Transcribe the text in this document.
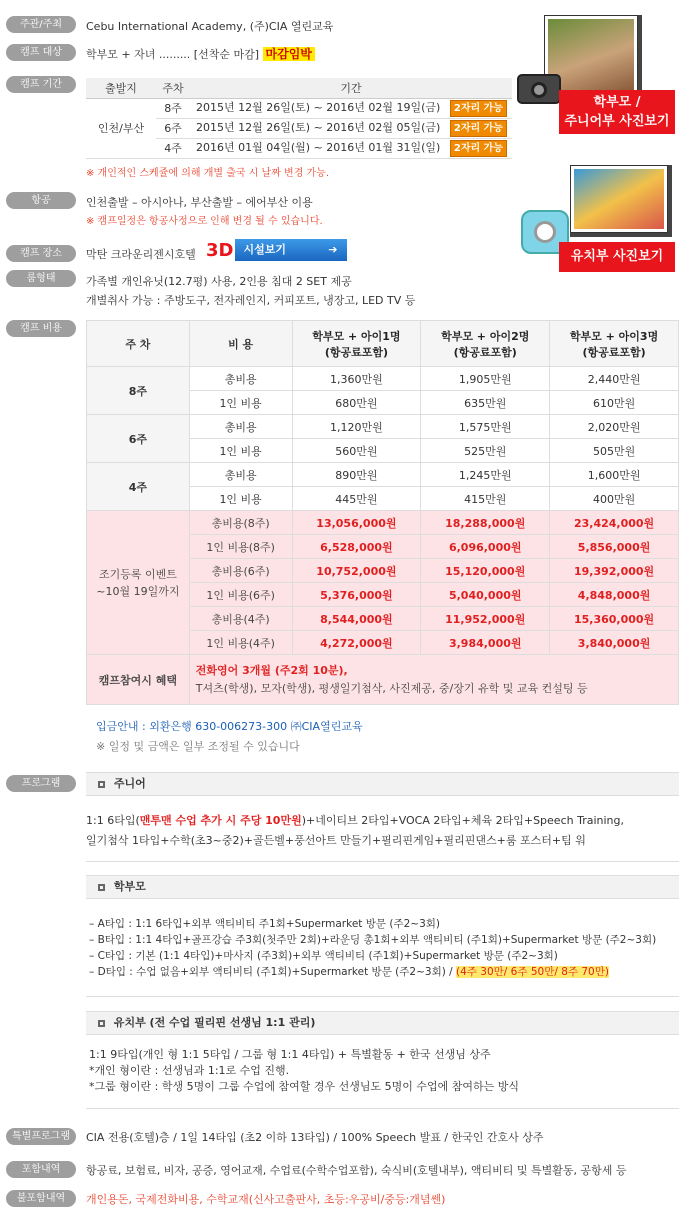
주관/주최	Cebu International Academy, (주)CIA 열린교육
캠프 대상	학부모 + 자녀 ......... [선착순 마감] 마감임박
캠프 기간	출발지	주차	기간
인천/부산	8주	2015년 12월 26일(토) ~ 2016년 02월 19일(금) 2자리 가능
	6주	2015년 12월 26일(토) ~ 2016년 02월 05일(금) 2자리 가능
	4주	2016년 01월 04일(월) ~ 2016년 01월 31일(일) 2자리 가능
※ 개인적인 스케쥴에 의해 개별 출국 시 날짜 변경 가능.
학부모 /
주니어부 사진보기
유치부 사진보기
항공	인천출발 – 아시아나, 부산출발 – 에어부산 이용
※ 캠프일정은 항공사정으로 인해 변경 될 수 있습니다.
캠프 장소	막탄 크라운리젠시호텔 3D 시설보기	➔
룸형태	가족별 개인유닛(12.7평) 사용, 2인용 침대 2 SET 제공
개별취사 가능 : 주방도구, 전자레인지, 커피포트, 냉장고, LED TV 등
캠프 비용
주 차	비 용	학부모 + 아이1명
(항공료포함)	학부모 + 아이2명
(항공료포함)	학부모 + 아이3명
(항공료포함)
8주	총비용	1,360만원	1,905만원	2,440만원
	1인 비용	680만원	635만원	610만원
6주	총비용	1,120만원	1,575만원	2,020만원
	1인 비용	560만원	525만원	505만원
4주	총비용	890만원	1,245만원	1,600만원
	1인 비용	445만원	415만원	400만원
조기등록 이벤트
~10월 19일까지	총비용(8주)	13,056,000원	18,288,000원	23,424,000원
	1인 비용(8주)	6,528,000원	6,096,000원	5,856,000원
	총비용(6주)	10,752,000원	15,120,000원	19,392,000원
	1인 비용(6주)	5,376,000원	5,040,000원	4,848,000원
	총비용(4주)	8,544,000원	11,952,000원	15,360,000원
	1인 비용(4주)	4,272,000원	3,984,000원	3,840,000원
캠프참여시 혜택	전화영어 3개월 (주2회 10분),
T셔츠(학생), 모자(학생), 평생일기첨삭, 사진제공, 중/장기 유학 및 교육 컨설팅 등			
입금안내 : 외환은행 630-006273-300 ㈜CIA열린교육
※ 일정 및 금액은 일부 조정될 수 있습니다
프로그램	주니어
1:1 6타입(맨투맨 수업 추가 시 주당 10만원)+네이티브 2타입+VOCA 2타입+체육 2타입+Speech Training,
일기첨삭 1타입+수학(초3~중2)+골든벨+풍선아트 만들기+필리핀게임+필리핀댄스+룸 포스터+팀 워
학부모
– A타입 : 1:1 6타입+외부 액티비티 주1회+Supermarket 방문 (주2~3회)
– B타입 : 1:1 4타입+골프강습 주3회(첫주만 2회)+라운딩 총1회+외부 액티비티 (주1회)+Supermarket 방문 (주2~3회)
– C타입 : 기본 (1:1 4타입)+마사지 (주3회)+외부 액티비티 (주1회)+Supermarket 방문 (주2~3회)
– D타입 : 수업 없음+외부 액티비티 (주1회)+Supermarket 방문 (주2~3회) / (4주 30만/ 6주 50만/ 8주 70만)
유치부 (전 수업 필리핀 선생님 1:1 관리)
1:1 9타입(개인 형 1:1 5타입 / 그룹 형 1:1 4타입) + 특별활동 + 한국 선생님 상주
*개인 형이란 : 선생님과 1:1로 수업 진행.
*그룹 형이란 : 학생 5명이 그룹 수업에 참여할 경우 선생님도 5명이 수업에 참여하는 방식
특별프로그램	CIA 전용(호텔)층 / 1일 14타입 (초2 이하 13타입) / 100% Speech 발표 / 한국인 간호사 상주
포함내역	항공료, 보험료, 비자, 공증, 영어교재, 수업료(수학수업포함), 숙식비(호텔내부), 액티비티 및 특별활동, 공항세 등
불포함내역	개인용돈, 국제전화비용, 수학교재(신사고출판사, 초등:우공비/중등:개념쎈)
